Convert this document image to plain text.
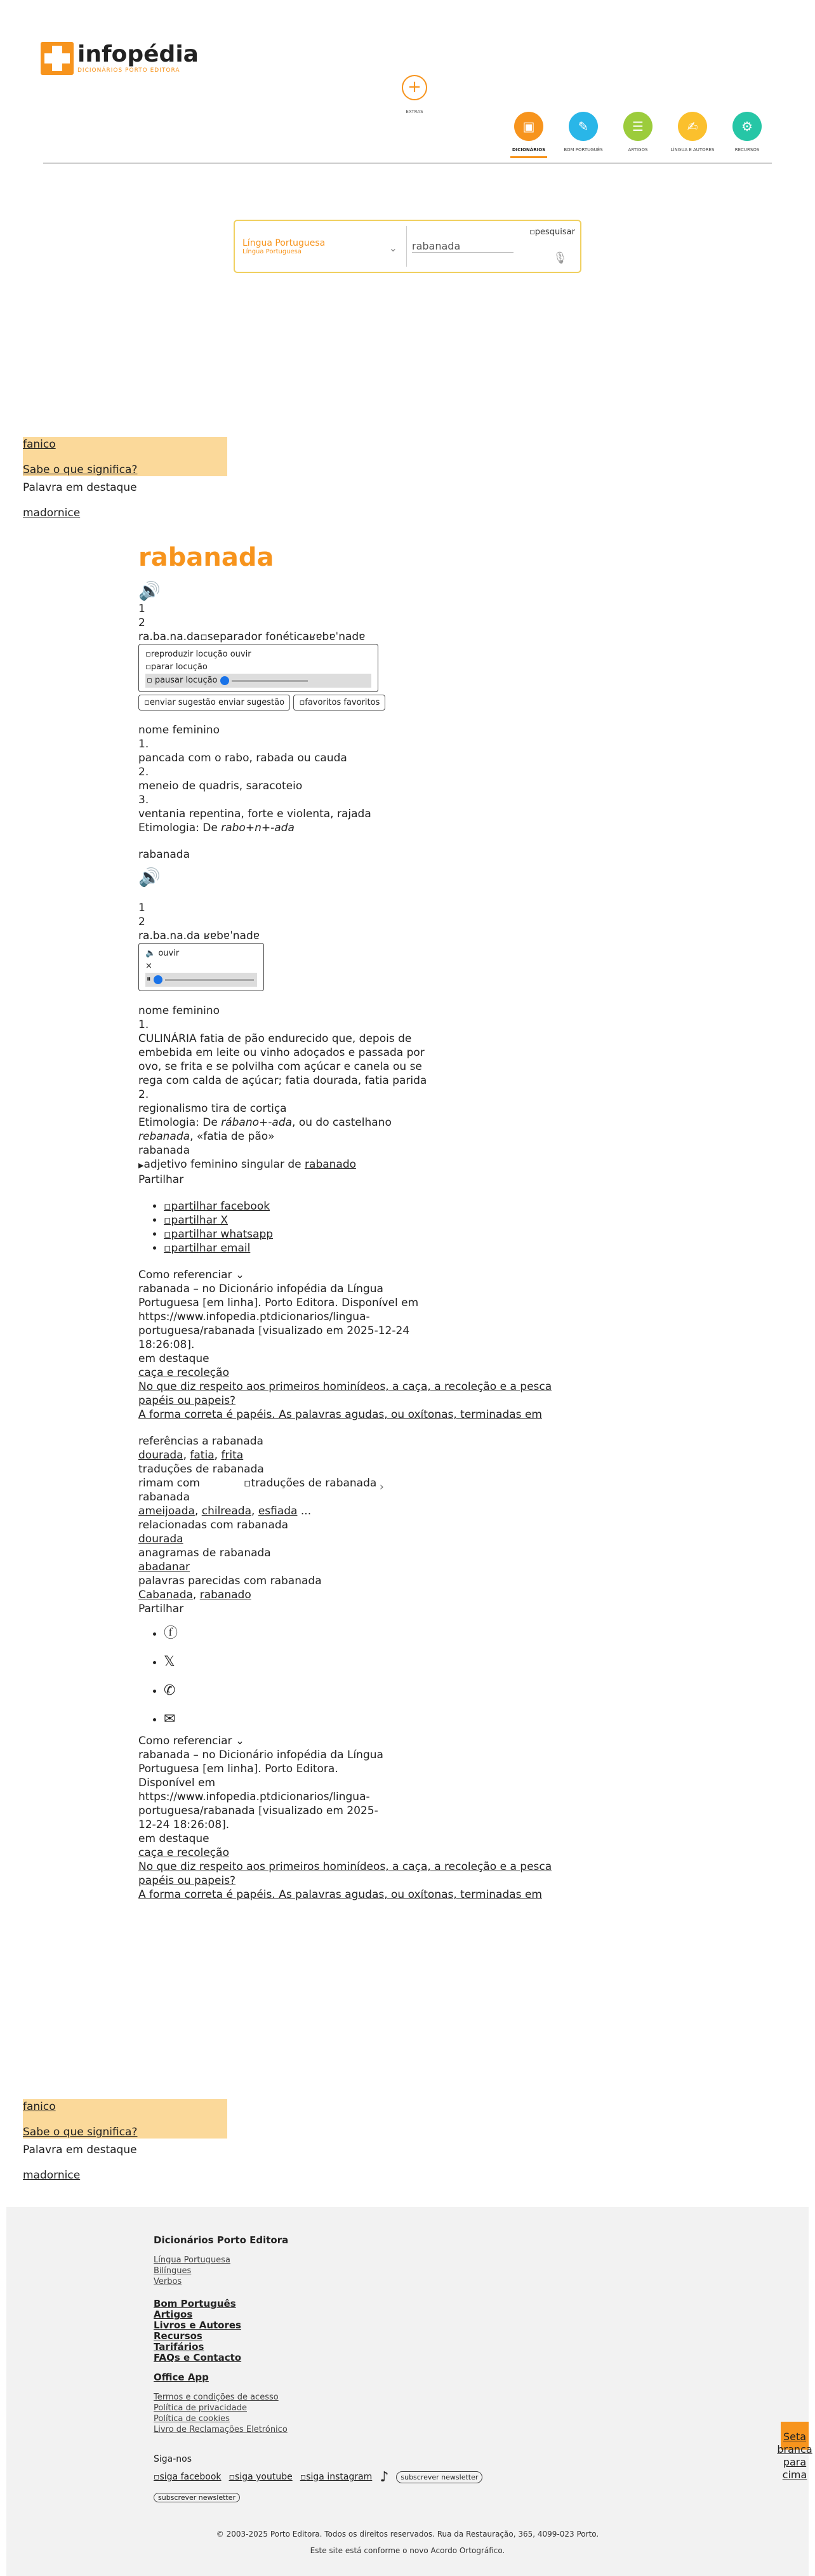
infopédia
DICIONÁRIOS PORTO EDITORA
+
EXTRAS
▣
DICIONÁRIOS
✎
BOM PORTUGUÊS
☰
ARTIGOS
✍
LÍNGUA E AUTORES
⚙
RECURSOS
Língua Portuguesa
Língua Portuguesa	⌄
rabanada
▫pesquisar
🎙
fanico
Sabe o que significa?

Palavra em destaque

madornice

rabanada
🔊
1
2
ra.ba.na.da▫separador fonéticaʁɐbɐˈnadɐ
▫reproduzir locução ouvir
▫parar locução
▫ pausar locução
▫enviar sugestão enviar sugestão ▫favoritos favoritos
nome feminino
1.
pancada com o rabo, rabada ou cauda
2.
meneio de quadris, saracoteio
3.
ventania repentina, forte e violenta, rajada
Etimologia: De rabo+n+-ada
rabanada
🔊
1
2
ra.ba.na.da ʁɐbɐˈnadɐ
🔈 ouvir
×
⏸
nome feminino
1.
CULINÁRIA fatia de pão endurecido que, depois de embebida em leite ou vinho adoçados e passada por ovo, se frita e se polvilha com açúcar e canela ou se rega com calda de açúcar; fatia dourada, fatia parida
2.
regionalismo tira de cortiça
Etimologia: De rábano+-ada, ou do castelhano rebanada, «fatia de pão»
rabanada
▶adjetivo feminino singular de rabanado
Partilhar
• ▫partilhar facebook
• ▫partilhar X
• ▫partilhar whatsapp
• ▫partilhar email
Como referenciar ⌄
rabanada – no Dicionário infopédia da Língua Portuguesa [em linha]. Porto Editora. Disponível em https://www.infopedia.ptdicionarios/lingua-portuguesa/rabanada [visualizado em 2025-12-24 18:26:08].
em destaque
caça e recoleção
No que diz respeito aos primeiros hominídeos, a caça, a recoleção e a pesca
papéis ou papeis?
A forma correta é papéis. As palavras agudas, ou oxítonas, terminadas em
referências a rabanada
dourada, fatia, frita
traduções de rabanada
rimam com	▫traduções de rabanada ›
rabanada
ameijoada, chilreada, esfiada ...
relacionadas com rabanada
dourada
anagramas de rabanada
abadanar
palavras parecidas com rabanada
Cabanada, rabanado
Partilhar
• ⓕ
• 𝕏
• ✆
• ✉
Como referenciar ⌄
rabanada – no Dicionário infopédia da Língua Portuguesa [em linha]. Porto Editora. Disponível em https://www.infopedia.ptdicionarios/lingua-portuguesa/rabanada [visualizado em 2025-12-24 18:26:08].
em destaque
caça e recoleção
No que diz respeito aos primeiros hominídeos, a caça, a recoleção e a pesca
papéis ou papeis?
A forma correta é papéis. As palavras agudas, ou oxítonas, terminadas em
fanico
Sabe o que significa?

Palavra em destaque

madornice

Dicionários Porto Editora
Língua Portuguesa
Bilíngues
Verbos
Bom Português
Artigos
Livros e Autores
Recursos
Tarifários
FAQs e Contacto
Office App
Termos e condições de acesso
Política de privacidade
Política de cookies
Livro de Reclamações Eletrónico
Siga-nos
▫siga facebook ▫siga youtube ▫siga instagram ♪	subscrever newsletter
subscrever newsletter
© 2003-2025 Porto Editora. Todos os direitos reservados. Rua da Restauração, 365, 4099-023 Porto.
Este site está conforme o novo Acordo Ortográfico.
Seta branca para cima
